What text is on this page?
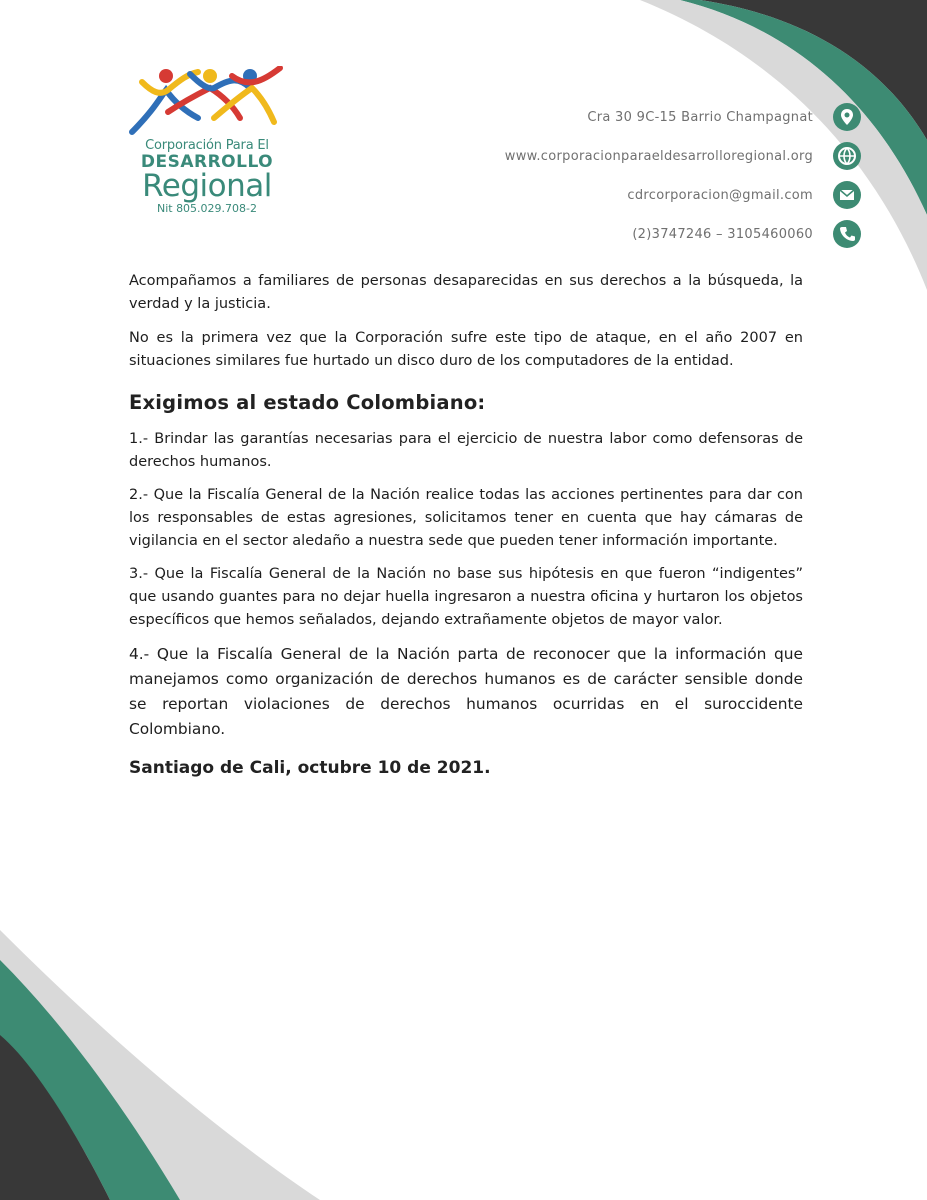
Corporación Para El
DESARROLLO
Regional
Nit 805.029.708-2
Cra 30 9C-15 Barrio Champagnat
www.corporacionparaeldesarrolloregional.org
cdrcorporacion@gmail.com
(2)3747246 – 3105460060

Acompañamos a familiares de personas desaparecidas en sus derechos a la búsqueda, la verdad y la justicia.

No es la primera vez que la Corporación sufre este tipo de ataque, en el año 2007 en situaciones similares fue hurtado un disco duro de los computadores de la entidad.

Exigimos al estado Colombiano:

1.- Brindar las garantías necesarias para el ejercicio de nuestra labor como defensoras de derechos humanos.

2.- Que la Fiscalía General de la Nación realice todas las acciones pertinentes para dar con los responsables de estas agresiones, solicitamos tener en cuenta que hay cámaras de vigilancia en el sector aledaño a nuestra sede que pueden tener información importante.

3.- Que la Fiscalía General de la Nación no base sus hipótesis en que fueron “indigentes” que usando guantes para no dejar huella ingresaron a nuestra oficina y hurtaron los objetos específicos que hemos señalados, dejando extrañamente objetos de mayor valor.

4.- Que la Fiscalía General de la Nación parta de reconocer que la información que manejamos como organización de derechos humanos es de carácter sensible donde se reportan violaciones de derechos humanos ocurridas en el suroccidente Colombiano.

Santiago de Cali, octubre 10 de 2021.
